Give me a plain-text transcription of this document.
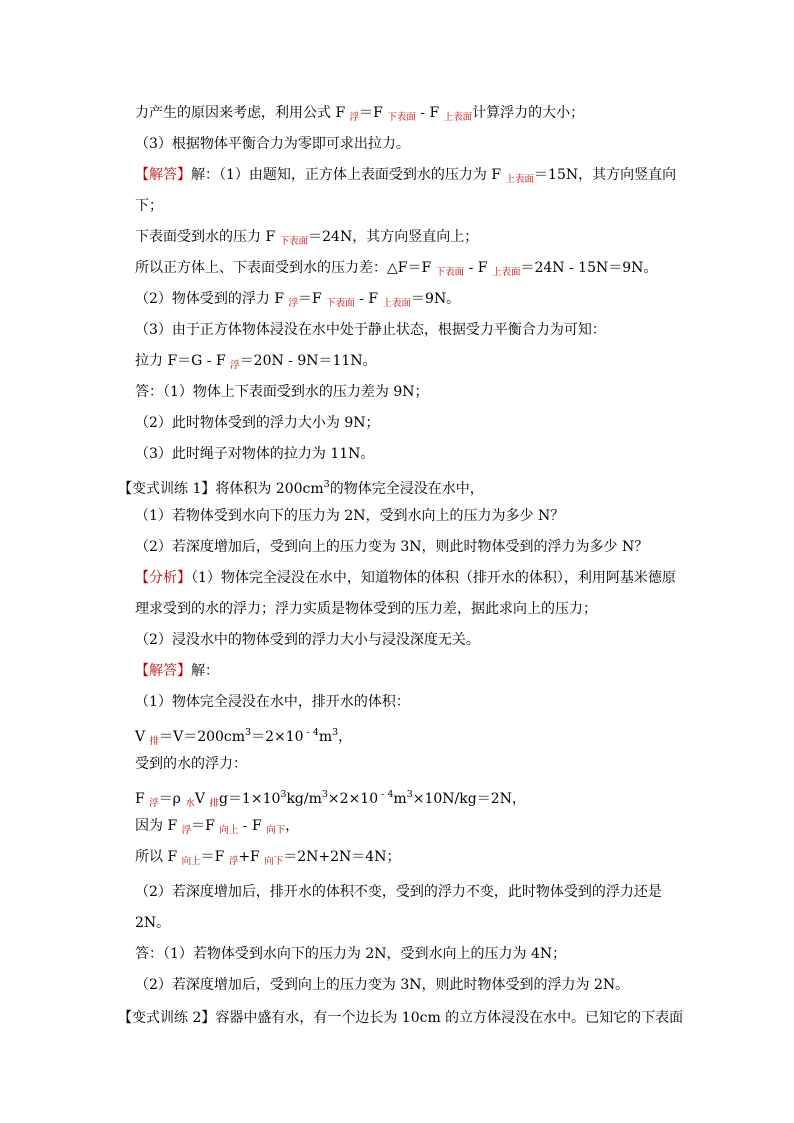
力产生的原因来考虑，利用公式 F $_浮$＝F $_{下表面}$ - F $_{上表面}$计算浮力的大小；
（3）根据物体平衡合力为零即可求出拉力。
【解答】解：（1）由题知，正方体上表面受到水的压力为 F $_{上表面}$＝15N，其方向竖直向
下；
下表面受到水的压力 F $_{下表面}$＝24N，其方向竖直向上；
所以正方体上、下表面受到水的压力差：△F＝F $_{下表面}$ - F $_{上表面}$＝24N - 15N＝9N。
（2）物体受到的浮力 F $_浮$＝F $_{下表面}$ - F $_{上表面}$＝9N。
（3）由于正方体物体浸没在水中处于静止状态，根据受力平衡合力为可知：
拉力 F＝G - F $_浮$＝20N - 9N＝11N。
答：（1）物体上下表面受到水的压力差为 9N；
（2）此时物体受到的浮力大小为 9N；
（3）此时绳子对物体的拉力为 11N。
【变式训练 1】将体积为 $200cm^3$的物体完全浸没在水中，
（1）若物体受到水向下的压力为 2N，受到水向上的压力为多少 N？
（2）若深度增加后，受到向上的压力变为 3N，则此时物体受到的浮力为多少 N？
【分析】（1）物体完全浸没在水中，知道物体的体积（排开水的体积），利用阿基米德原
理求受到的水的浮力；浮力实质是物体受到的压力差，据此求向上的压力；
（2）浸没水中的物体受到的浮力大小与浸没深度无关。
【解答】解：
（1）物体完全浸没在水中，排开水的体积：
V $_排=V=200cm^3=2\times 10$ $^{- 4}m^3$，
受到的水的浮力：
F $_浮$＝ρ $_水$V $_排g=1\times 10^3kg/m^3\times 2\times 10$ $^{- 4}m^3\times 10N/kg=2N$，
因为 F $_浮$＝F $_{向上}$ - F $_{向下}$，
所以 F $_{向上}$＝F $_浮$+F $_{向下}$＝2N+2N＝4N；
（2）若深度增加后，排开水的体积不变，受到的浮力不变，此时物体受到的浮力还是
2N。
答：（1）若物体受到水向下的压力为 2N，受到水向上的压力为 4N；
（2）若深度增加后，受到向上的压力变为 3N，则此时物体受到的浮力为 2N。
【变式训练 2】容器中盛有水，有一个边长为 10cm 的立方体浸没在水中。已知它的下表面
